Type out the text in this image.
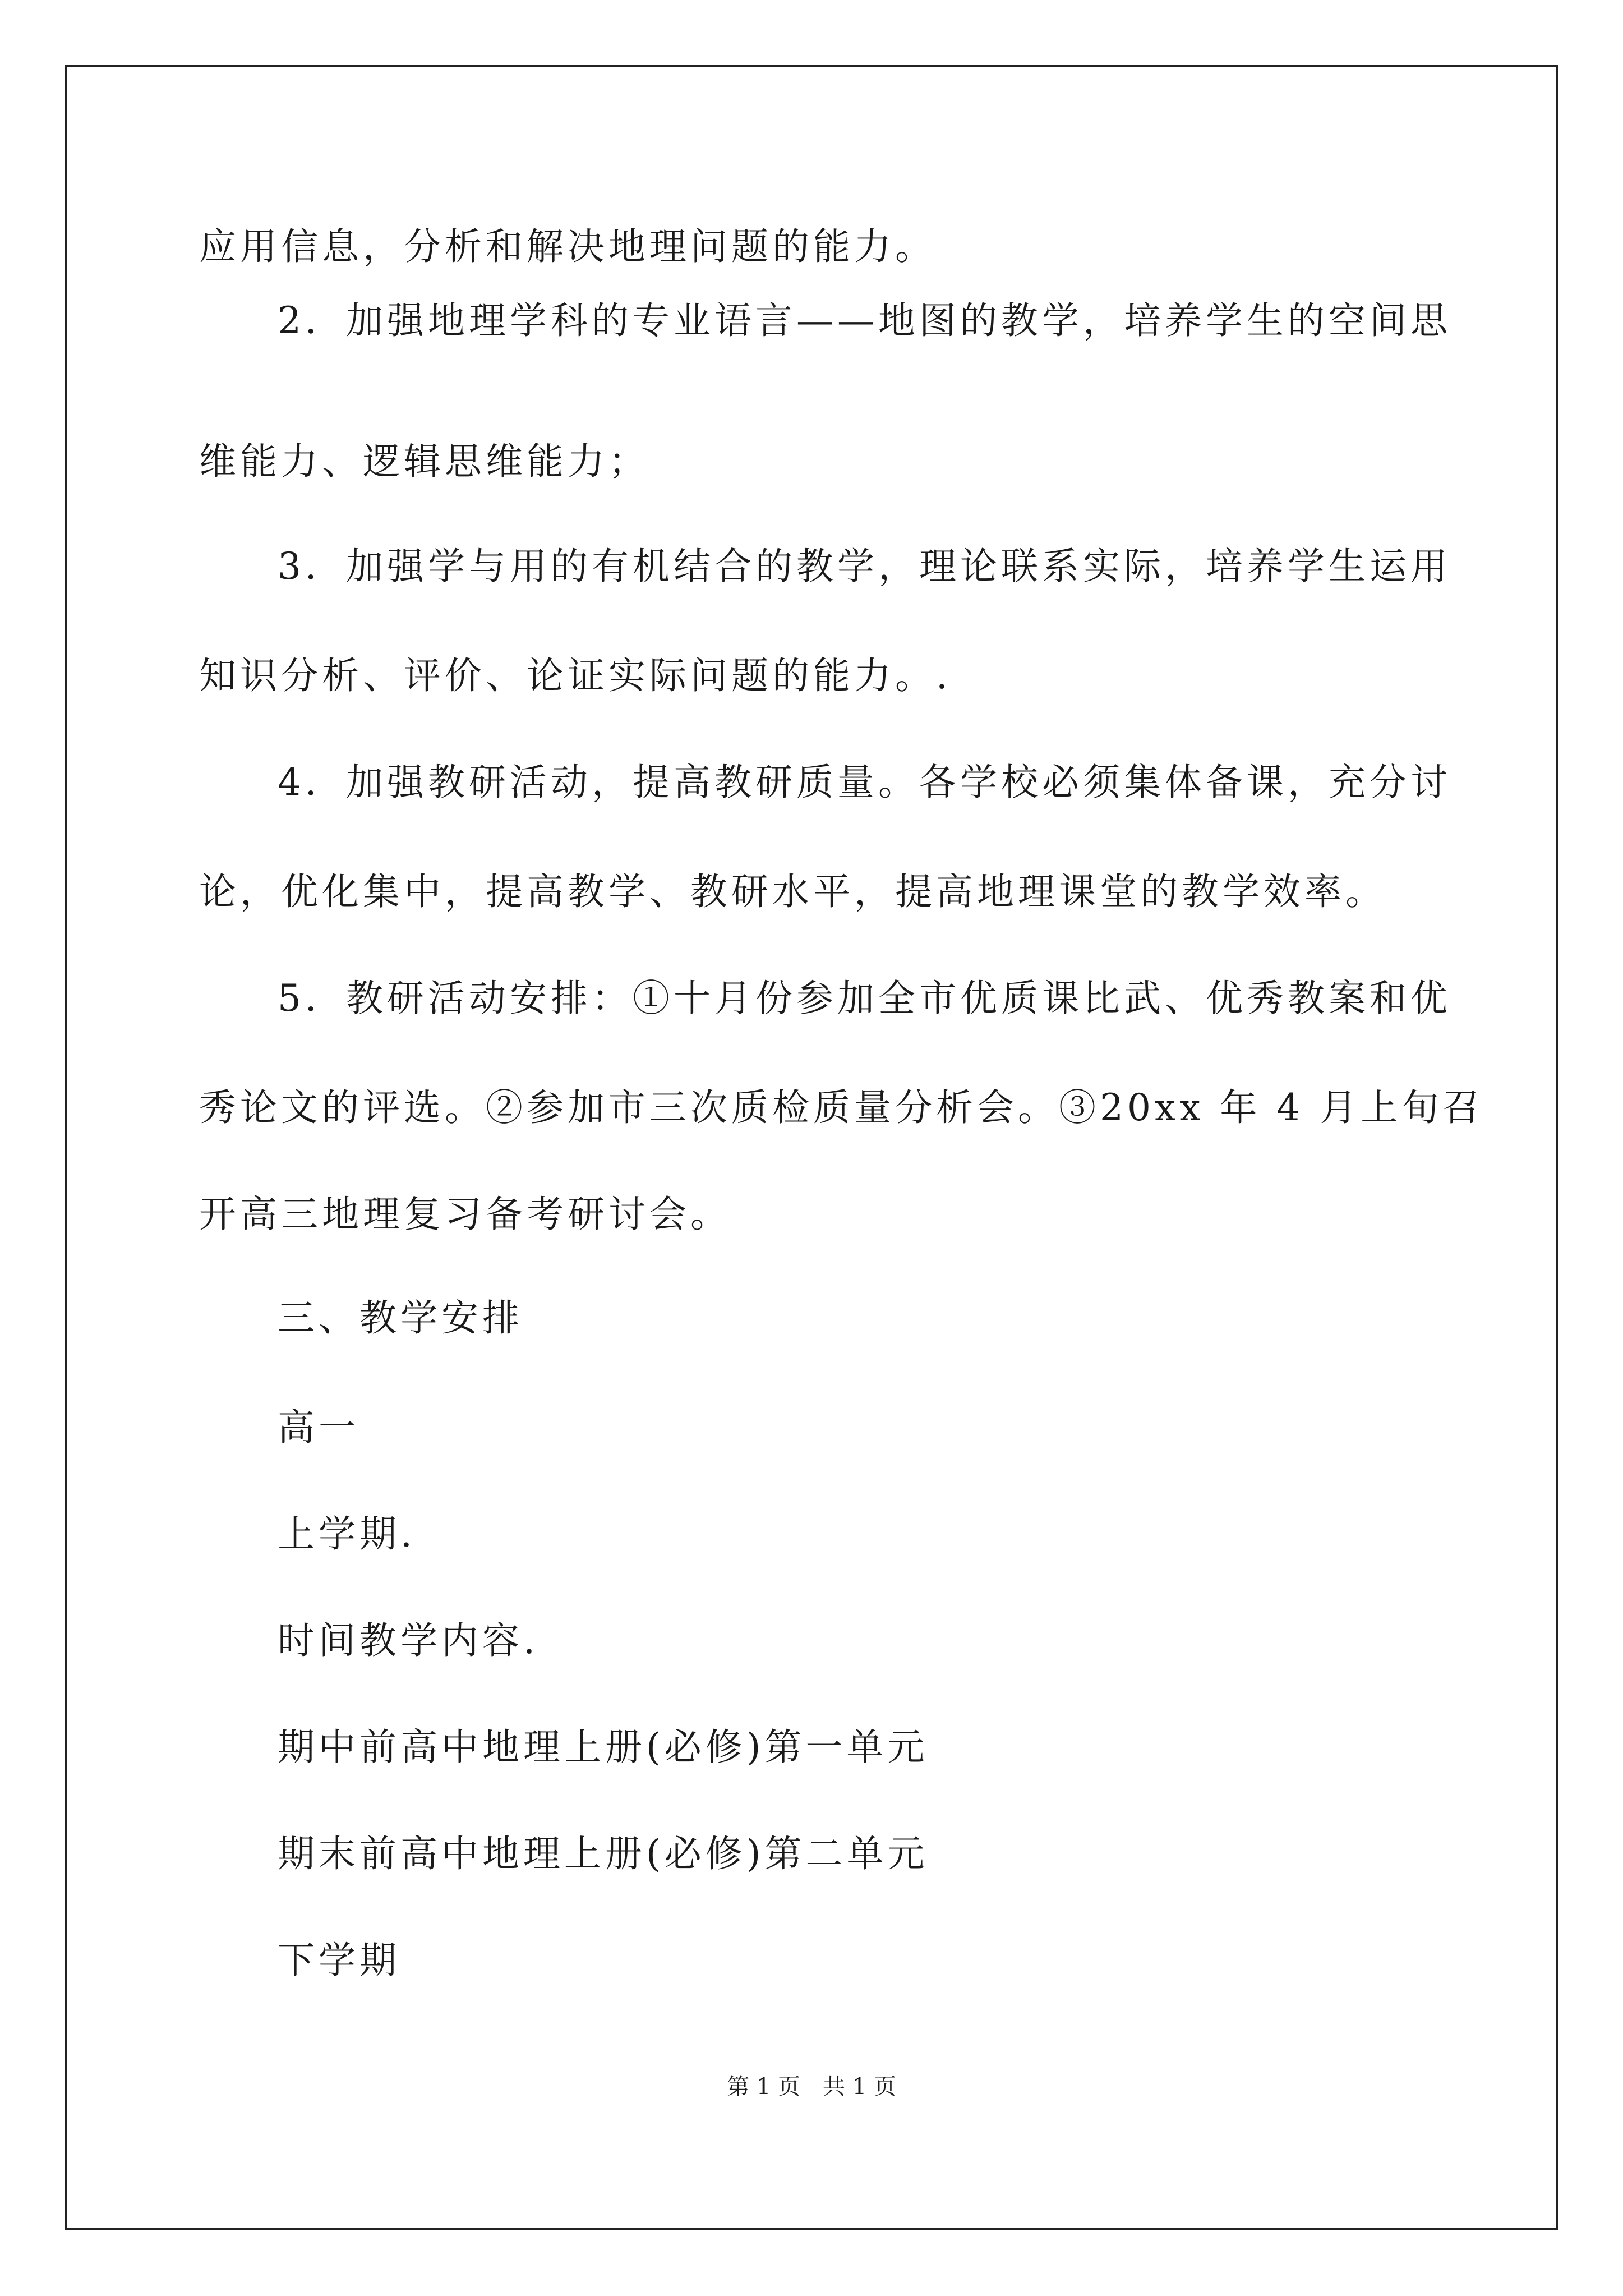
应用信息，分析和解决地理问题的能力。
2．加强地理学科的专业语言——地图的教学，培养学生的空间思
维能力、逻辑思维能力；
3．加强学与用的有机结合的教学，理论联系实际，培养学生运用
知识分析、评价、论证实际问题的能力。.
4．加强教研活动，提高教研质量。各学校必须集体备课，充分讨
论，优化集中，提高教学、教研水平，提高地理课堂的教学效率。
5．教研活动安排：①十月份参加全市优质课比武、优秀教案和优
秀论文的评选。②参加市三次质检质量分析会。③20xx 年 4 月上旬召
开高三地理复习备考研讨会。
三、教学安排
高一
上学期.
时间教学内容.
期中前高中地理上册(必修)第一单元
期末前高中地理上册(必修)第二单元
下学期
第 1 页　共 1 页
